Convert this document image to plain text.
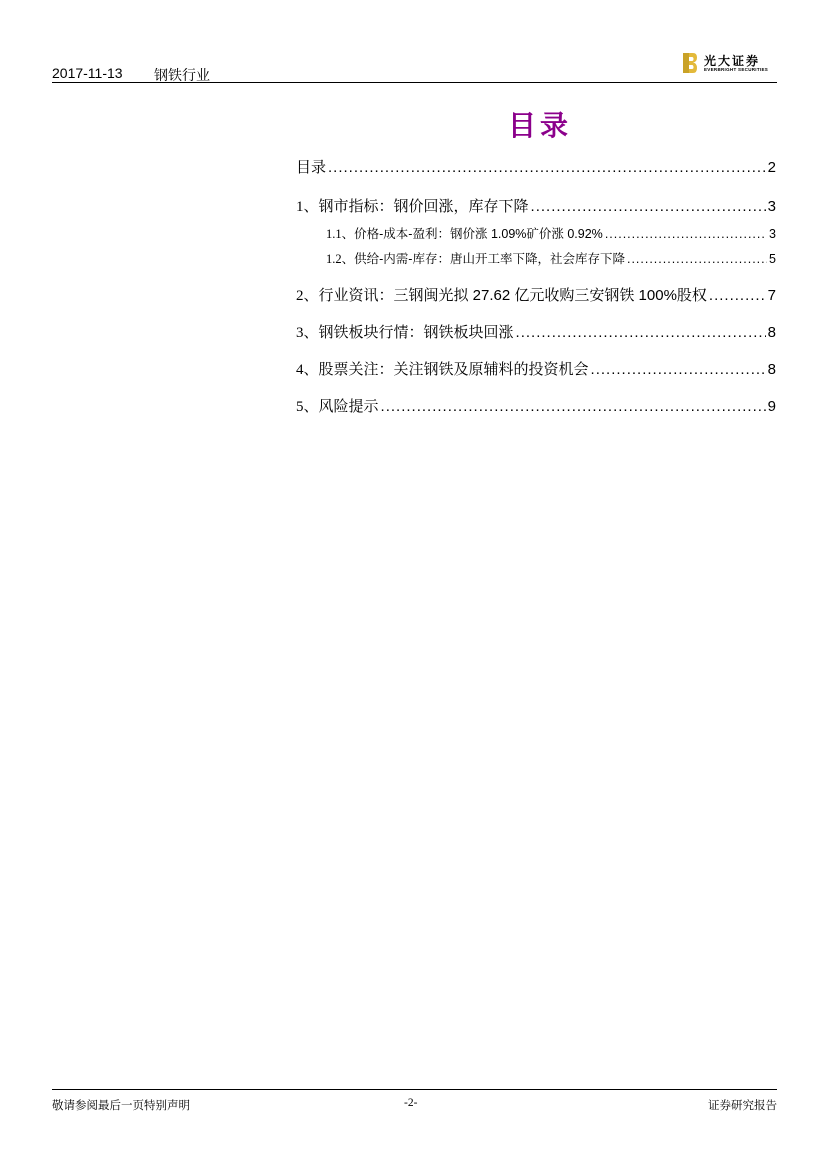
2017-11-13 钢铁行业
光大证券
EVERBRIGHT SECURITIES
目录
目录 .....	2
1、 钢市指标：钢价回涨，库存下降 .....	3
1.1、 价格-成本-盈利：钢价涨 1.09%矿价涨 0.92% .....	3
1.2、 供给-内需-库存：唐山开工率下降，社会库存下降 .....	5
2、 行业资讯：三钢闽光拟 27.62 亿元收购三安钢铁 100%股权 .....	7
3、 钢铁板块行情：钢铁板块回涨 .....	8
4、 股票关注：关注钢铁及原辅料的投资机会 .....	8
5、 风险提示 .....	9
敬请参阅最后一页特别声明	-2-	证券研究报告
